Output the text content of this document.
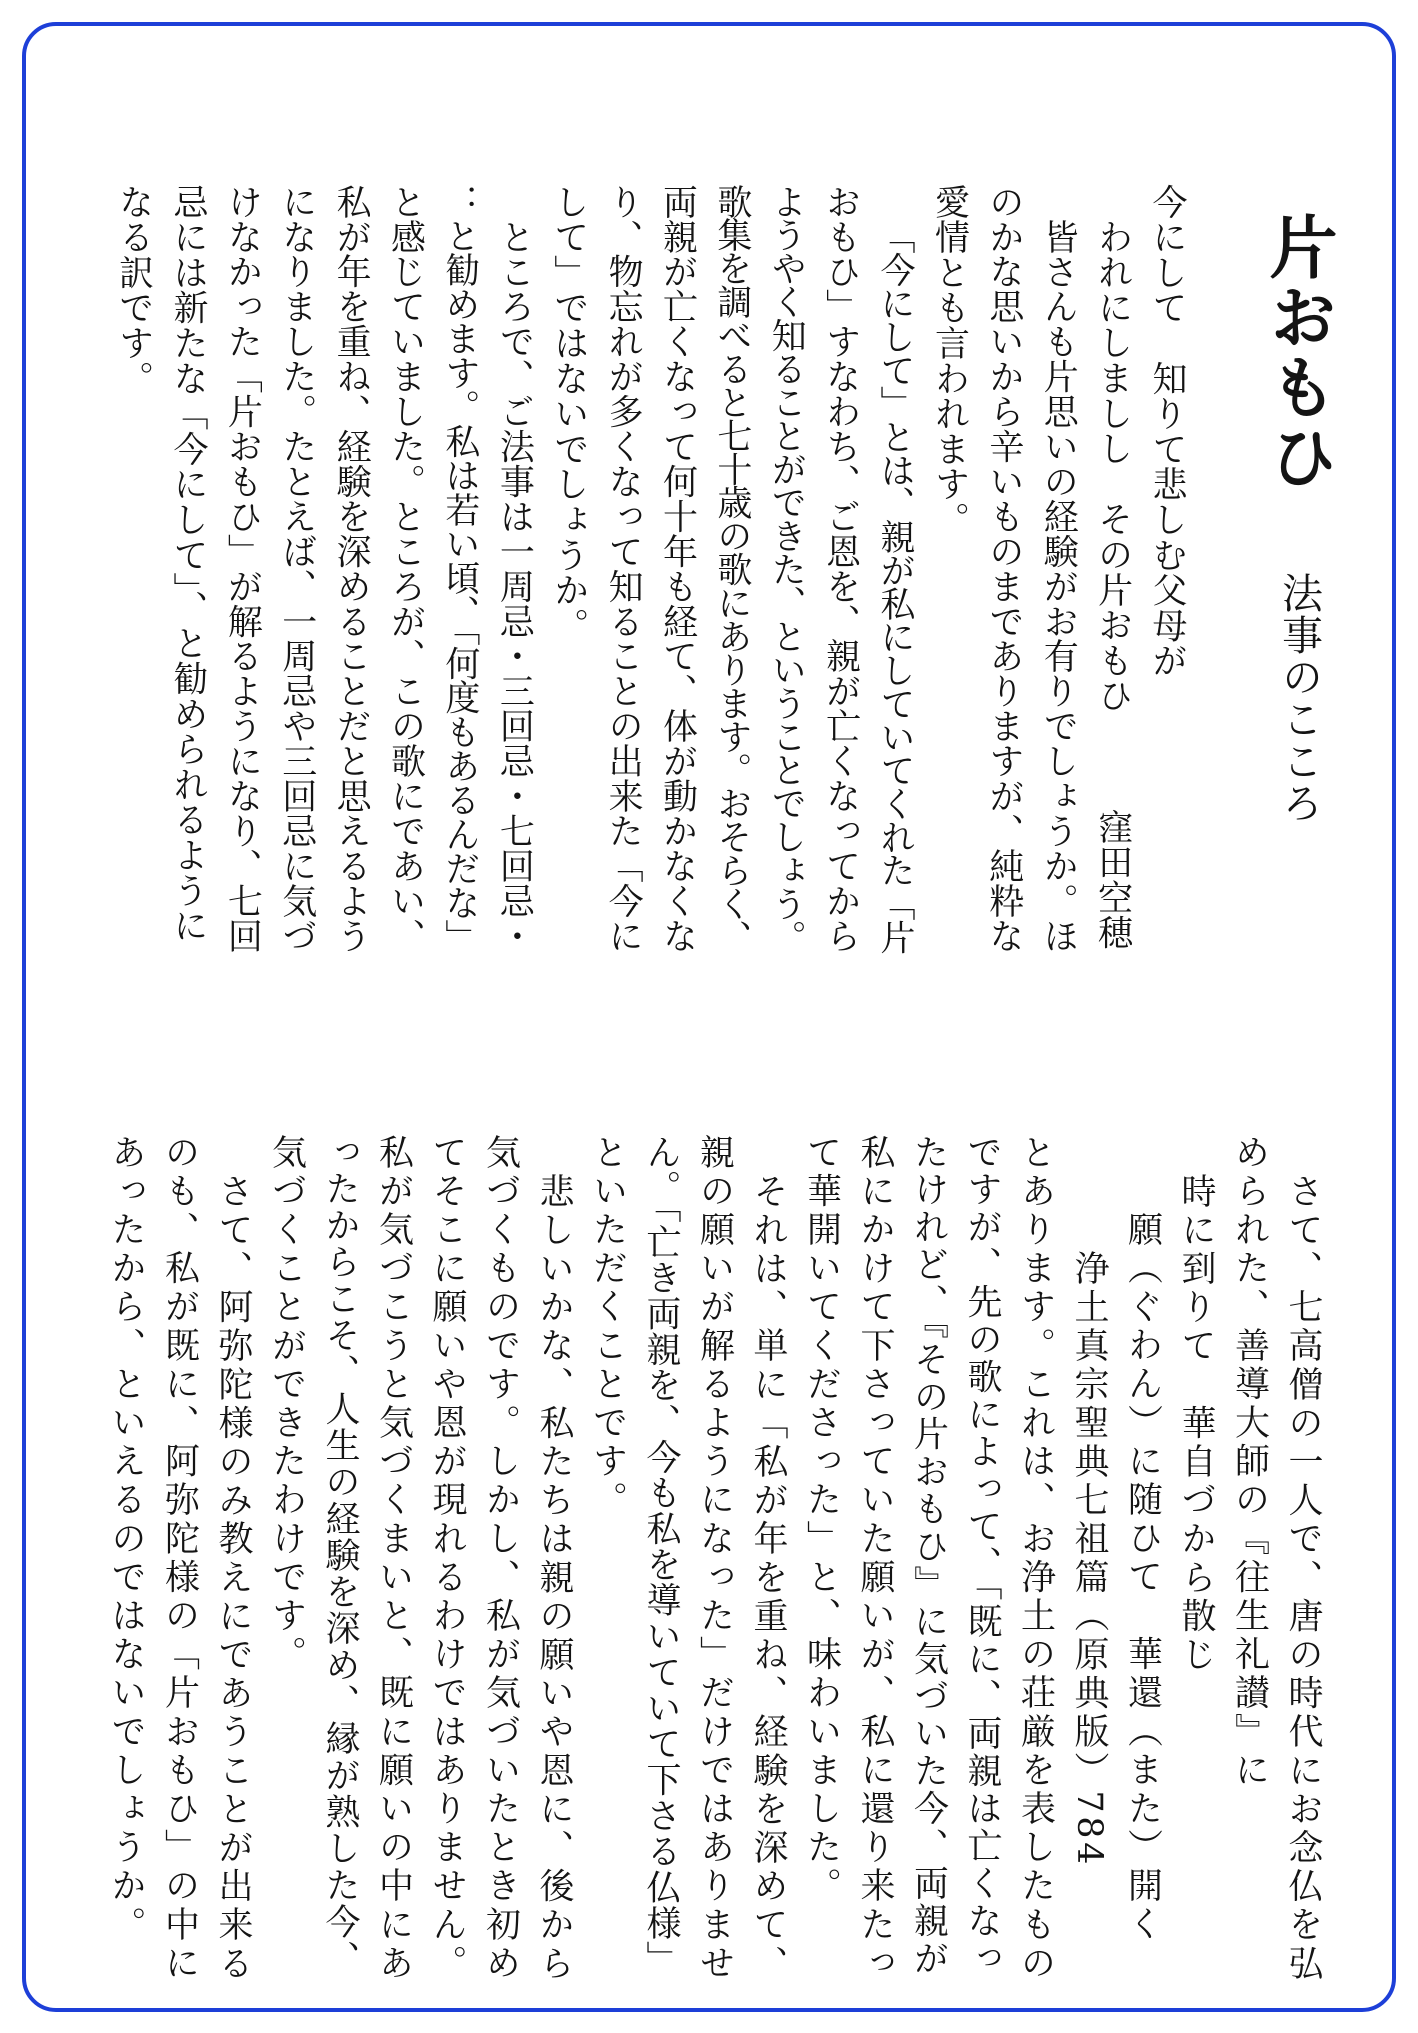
片おもひ
法事のこころ
今にして　知りて悲しむ父母が
われにしましし　その片おもひ
窪田空穂
皆さんも片思いの経験がお有りでしょうか。ほ
のかな思いから辛いものまでありますが、純粋な
愛情とも言われます。
「今にして」とは、親が私にしていてくれた「片
おもひ」すなわち、ご恩を、親が亡くなってから
ようやく知ることができた、ということでしょう。
歌集を調べると七十歳の歌にあります。おそらく、
両親が亡くなって何十年も経て、体が動かなくな
り、物忘れが多くなって知ることの出来た「今に
して」ではないでしょうか。
ところで、ご法事は一周忌・三回忌・七回忌・
：と勧めます。私は若い頃、「何度もあるんだな」
と感じていました。ところが、この歌にであい、
私が年を重ね、経験を深めることだと思えるよう
になりました。たとえば、一周忌や三回忌に気づ
けなかった「片おもひ」が解るようになり、七回
忌には新たな「今にして」、と勧められるように
なる訳です。
さて、七高僧の一人で、唐の時代にお念仏を弘
められた、善導大師の『往生礼讃』に
時に到りて　華自づから散じ
願（ぐわん）に随ひて　華還（また）開く
浄土真宗聖典七祖篇（原典版）784
とあります。これは、お浄土の荘厳を表したもの
ですが、先の歌によって、「既に、両親は亡くなっ
たけれど、『その片おもひ』に気づいた今、両親が
私にかけて下さっていた願いが、私に還り来たっ
て華開いてくださった」と、味わいました。
それは、単に「私が年を重ね、経験を深めて、
親の願いが解るようになった」だけではありませ
ん。「亡き両親を、今も私を導いていて下さる仏様」
といただくことです。
悲しいかな、私たちは親の願いや恩に、後から
気づくものです。しかし、私が気づいたとき初め
てそこに願いや恩が現れるわけではありません。
私が気づこうと気づくまいと、既に願いの中にあ
ったからこそ、人生の経験を深め、縁が熟した今、
気づくことができたわけです。
さて、阿弥陀様のみ教えにであうことが出来る
のも、私が既に、阿弥陀様の「片おもひ」の中に
あったから、といえるのではないでしょうか。
